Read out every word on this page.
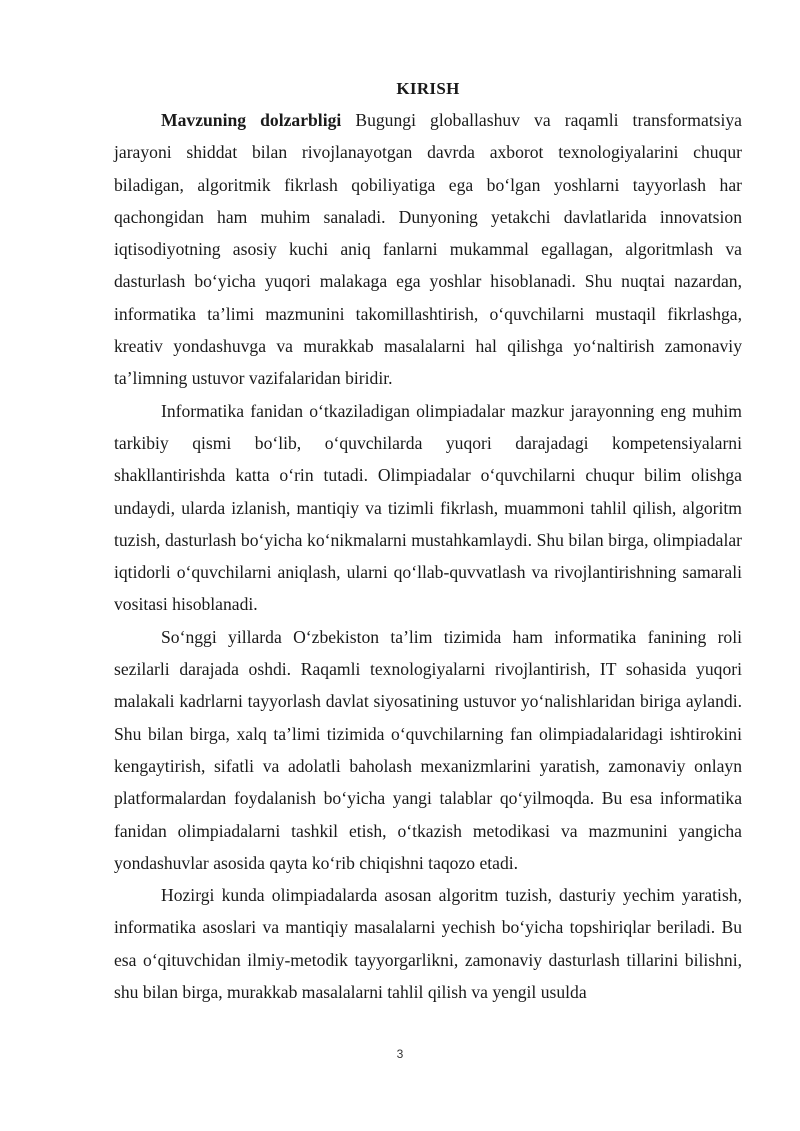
KIRISH

Mavzuning dolzarbligi Bugungi globallashuv va raqamli transformatsiya jarayoni shiddat bilan rivojlanayotgan davrda axborot texnologiyalarini chuqur biladigan, algoritmik fikrlash qobiliyatiga ega bo‘lgan yoshlarni tayyorlash har qachongidan ham muhim sanaladi. Dunyoning yetakchi davlatlarida innovatsion iqtisodiyotning asosiy kuchi aniq fanlarni mukammal egallagan, algoritmlash va dasturlash bo‘yicha yuqori malakaga ega yoshlar hisoblanadi. Shu nuqtai nazardan, informatika ta’limi mazmunini takomillashtirish, o‘quvchilarni mustaqil fikrlashga, kreativ yondashuvga va murakkab masalalarni hal qilishga yo‘naltirish zamonaviy ta’limning ustuvor vazifalaridan biridir.

Informatika fanidan o‘tkaziladigan olimpiadalar mazkur jarayonning eng muhim tarkibiy qismi bo‘lib, o‘quvchilarda yuqori darajadagi kompetensiyalarni shakllantirishda katta o‘rin tutadi. Olimpiadalar o‘quvchilarni chuqur bilim olishga undaydi, ularda izlanish, mantiqiy va tizimli fikrlash, muammoni tahlil qilish, algoritm tuzish, dasturlash bo‘yicha ko‘nikmalarni mustahkamlaydi. Shu bilan birga, olimpiadalar iqtidorli o‘quvchilarni aniqlash, ularni qo‘llab-quvvatlash va rivojlantirishning samarali vositasi hisoblanadi.

So‘nggi yillarda O‘zbekiston ta’lim tizimida ham informatika fanining roli sezilarli darajada oshdi. Raqamli texnologiyalarni rivojlantirish, IT sohasida yuqori malakali kadrlarni tayyorlash davlat siyosatining ustuvor yo‘nalishlaridan biriga aylandi. Shu bilan birga, xalq ta’limi tizimida o‘quvchilarning fan olimpiadalaridagi ishtirokini kengaytirish, sifatli va adolatli baholash mexanizmlarini yaratish, zamonaviy onlayn platformalardan foydalanish bo‘yicha yangi talablar qo‘yilmoqda. Bu esa informatika fanidan olimpiadalarni tashkil etish, o‘tkazish metodikasi va mazmunini yangicha yondashuvlar asosida qayta ko‘rib chiqishni taqozo etadi.

Hozirgi kunda olimpiadalarda asosan algoritm tuzish, dasturiy yechim yaratish, informatika asoslari va mantiqiy masalalarni yechish bo‘yicha topshiriqlar beriladi. Bu esa o‘qituvchidan ilmiy-metodik tayyorgarlikni, zamonaviy dasturlash tillarini bilishni, shu bilan birga, murakkab masalalarni tahlil qilish va yengil usulda

3
